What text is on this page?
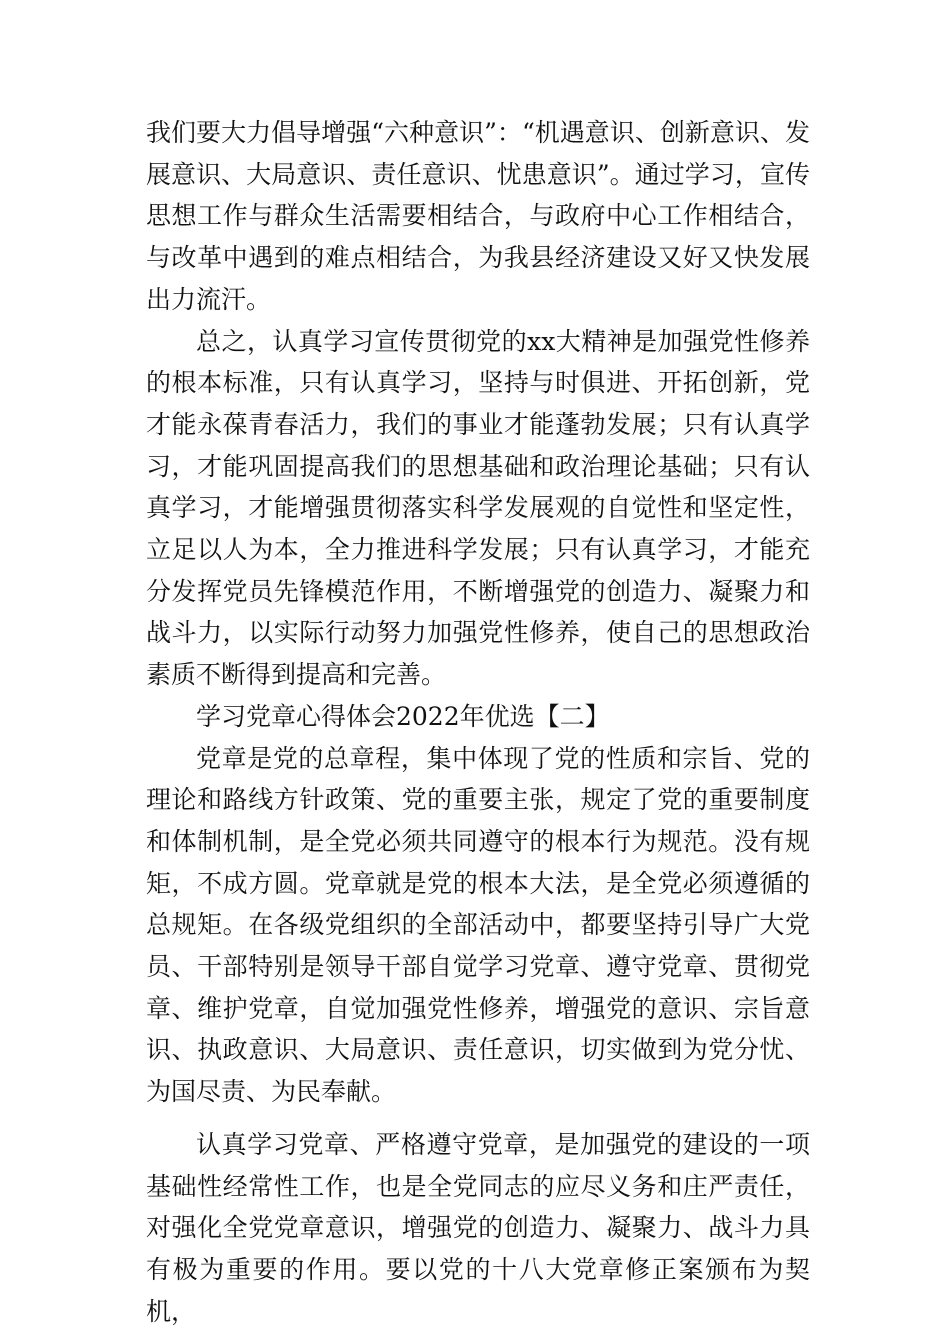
我们要大力倡导增强“六种意识”：“机遇意识、创新意识、发展意识、大局意识、责任意识、忧患意识”。通过学习，宣传思想工作与群众生活需要相结合，与政府中心工作相结合，与改革中遇到的难点相结合，为我县经济建设又好又快发展出力流汗。

总之，认真学习宣传贯彻党的xx大精神是加强党性修养的根本标准，只有认真学习，坚持与时俱进、开拓创新，党才能永葆青春活力，我们的事业才能蓬勃发展；只有认真学习，才能巩固提高我们的思想基础和政治理论基础；只有认真学习，才能增强贯彻落实科学发展观的自觉性和坚定性，立足以人为本，全力推进科学发展；只有认真学习，才能充分发挥党员先锋模范作用，不断增强党的创造力、凝聚力和战斗力，以实际行动努力加强党性修养，使自己的思想政治素质不断得到提高和完善。

学习党章心得体会2022年优选【二】

党章是党的总章程，集中体现了党的性质和宗旨、党的理论和路线方针政策、党的重要主张，规定了党的重要制度和体制机制，是全党必须共同遵守的根本行为规范。没有规矩，不成方圆。党章就是党的根本大法，是全党必须遵循的总规矩。在各级党组织的全部活动中，都要坚持引导广大党员、干部特别是领导干部自觉学习党章、遵守党章、贯彻党章、维护党章，自觉加强党性修养，增强党的意识、宗旨意识、执政意识、大局意识、责任意识，切实做到为党分忧、为国尽责、为民奉献。

认真学习党章、严格遵守党章，是加强党的建设的一项基础性经常性工作，也是全党同志的应尽义务和庄严责任，对强化全党党章意识，增强党的创造力、凝聚力、战斗力具有极为重要的作用。要以党的十八大党章修正案颁布为契机，
